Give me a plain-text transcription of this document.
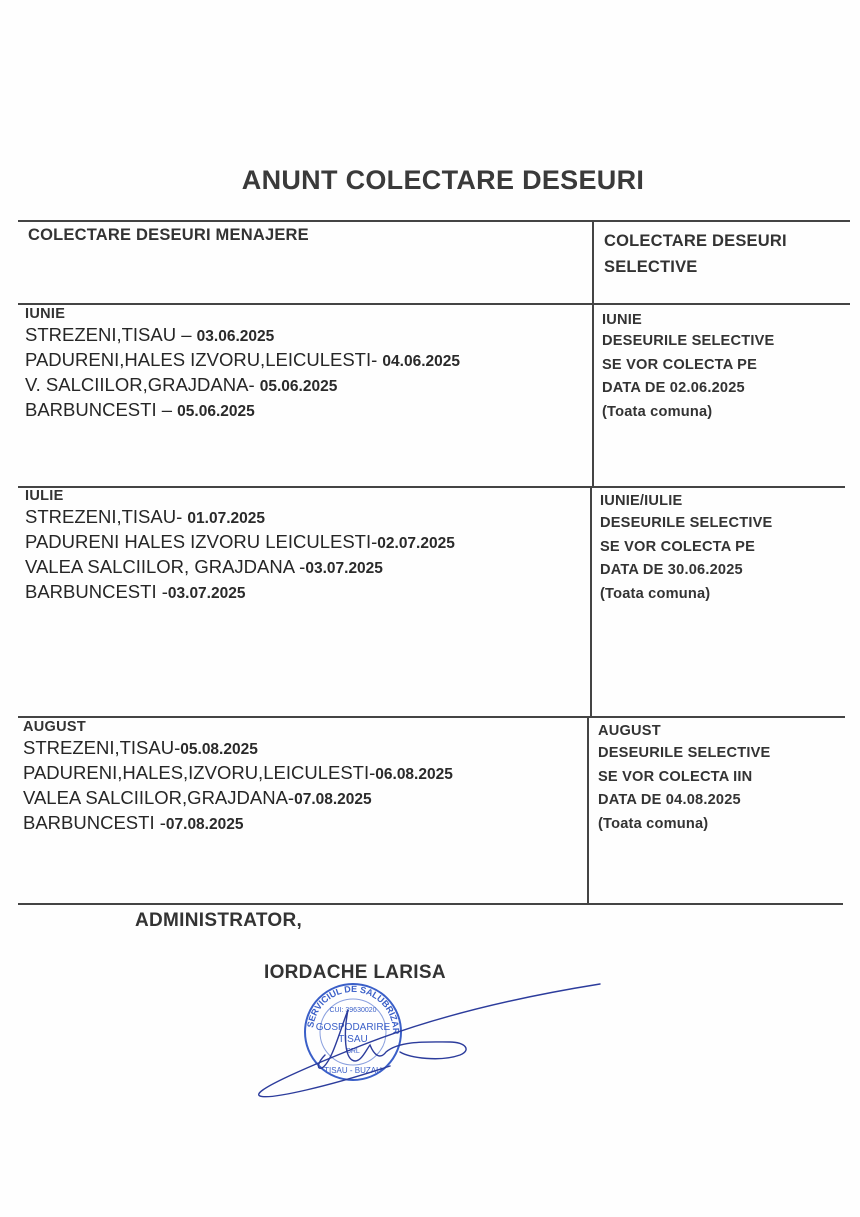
ANUNT COLECTARE DESEURI
COLECTARE DESEURI MENAJERE	COLECTARE DESEURI
SELECTIVE
IUNIE
STREZENI,TISAU – 03.06.2025
PADURENI,HALES IZVORU,LEICULESTI- 04.06.2025
V. SALCIILOR,GRAJDANA- 05.06.2025
BARBUNCESTI – 05.06.2025
IUNIE
DESEURILE SELECTIVE
SE VOR COLECTA PE
DATA DE 02.06.2025
(Toata comuna)
IULIE
STREZENI,TISAU- 01.07.2025
PADURENI HALES IZVORU LEICULESTI-02.07.2025
VALEA SALCIILOR, GRAJDANA -03.07.2025
BARBUNCESTI -03.07.2025
IUNIE/IULIE
DESEURILE SELECTIVE
SE VOR COLECTA PE
DATA DE 30.06.2025
(Toata comuna)
AUGUST
STREZENI,TISAU-05.08.2025
PADURENI,HALES,IZVORU,LEICULESTI-06.08.2025
VALEA SALCIILOR,GRAJDANA-07.08.2025
BARBUNCESTI -07.08.2025
AUGUST
DESEURILE SELECTIVE
SE VOR COLECTA IIN
DATA DE 04.08.2025
(Toata comuna)
ADMINISTRATOR,
IORDACHE LARISA
SERVICIUL DE SALUBRIZAR
CUI: 39630020
GOSPODARIRE
TISAU
SRL
TISAU - BUZAU
